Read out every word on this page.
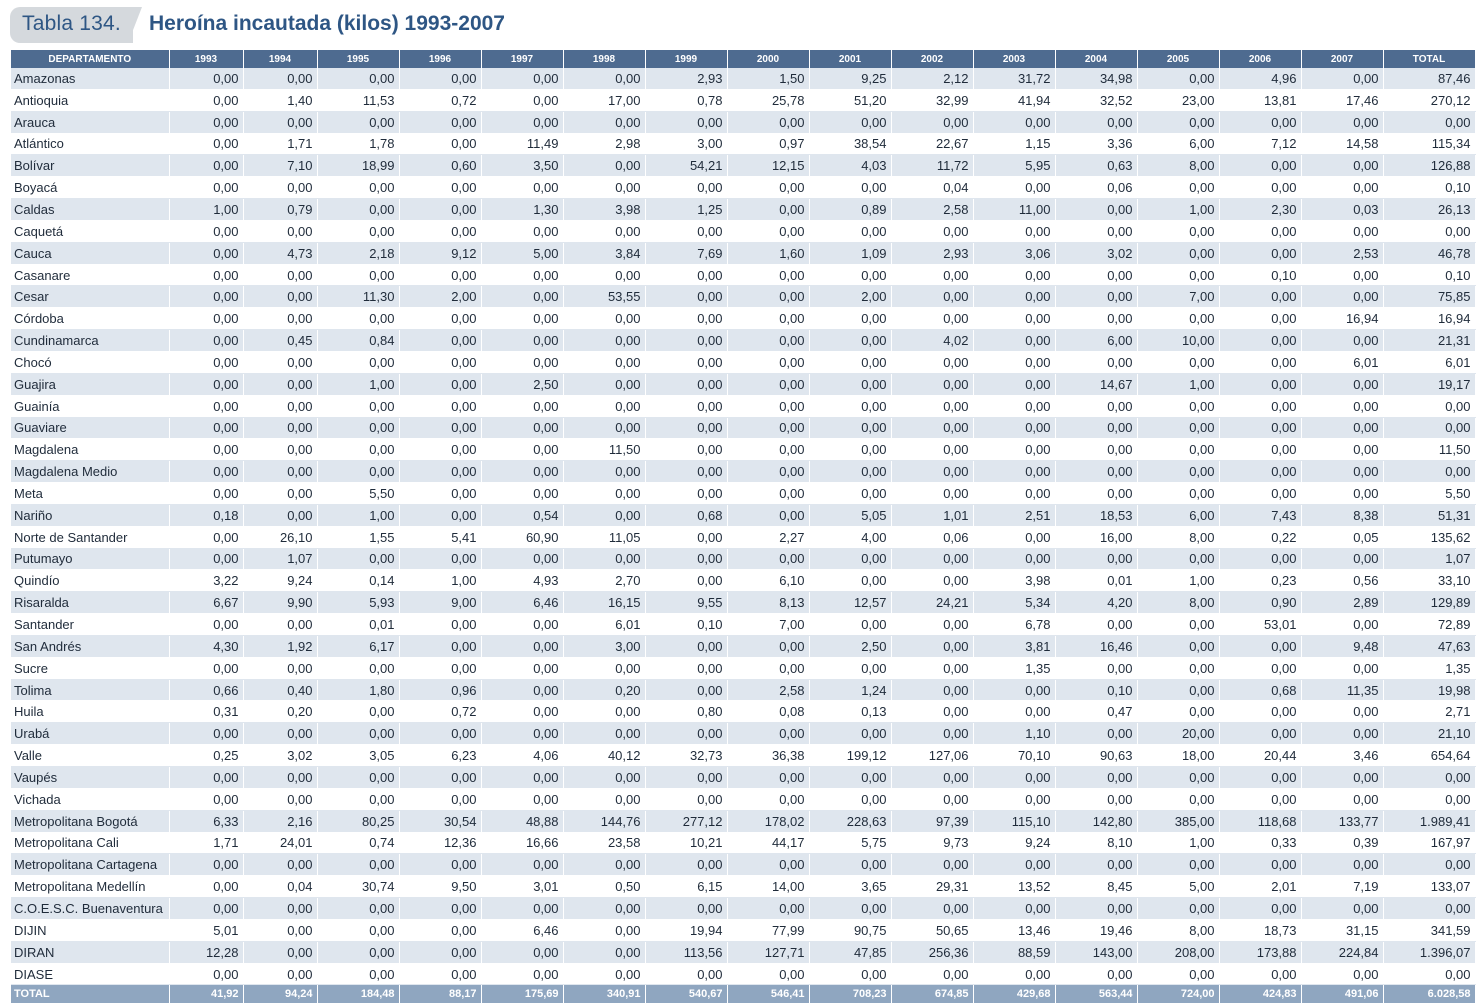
Tabla 134. Heroína incautada (kilos) 1993-2007
DEPARTAMENTO	1993	1994	1995	1996	1997	1998	1999	2000	2001	2002	2003	2004	2005	2006	2007	TOTAL
Amazonas	0,00	0,00	0,00	0,00	0,00	0,00	2,93	1,50	9,25	2,12	31,72	34,98	0,00	4,96	0,00	87,46
Antioquia	0,00	1,40	11,53	0,72	0,00	17,00	0,78	25,78	51,20	32,99	41,94	32,52	23,00	13,81	17,46	270,12
Arauca	0,00	0,00	0,00	0,00	0,00	0,00	0,00	0,00	0,00	0,00	0,00	0,00	0,00	0,00	0,00	0,00
Atlántico	0,00	1,71	1,78	0,00	11,49	2,98	3,00	0,97	38,54	22,67	1,15	3,36	6,00	7,12	14,58	115,34
Bolívar	0,00	7,10	18,99	0,60	3,50	0,00	54,21	12,15	4,03	11,72	5,95	0,63	8,00	0,00	0,00	126,88
Boyacá	0,00	0,00	0,00	0,00	0,00	0,00	0,00	0,00	0,00	0,04	0,00	0,06	0,00	0,00	0,00	0,10
Caldas	1,00	0,79	0,00	0,00	1,30	3,98	1,25	0,00	0,89	2,58	11,00	0,00	1,00	2,30	0,03	26,13
Caquetá	0,00	0,00	0,00	0,00	0,00	0,00	0,00	0,00	0,00	0,00	0,00	0,00	0,00	0,00	0,00	0,00
Cauca	0,00	4,73	2,18	9,12	5,00	3,84	7,69	1,60	1,09	2,93	3,06	3,02	0,00	0,00	2,53	46,78
Casanare	0,00	0,00	0,00	0,00	0,00	0,00	0,00	0,00	0,00	0,00	0,00	0,00	0,00	0,10	0,00	0,10
Cesar	0,00	0,00	11,30	2,00	0,00	53,55	0,00	0,00	2,00	0,00	0,00	0,00	7,00	0,00	0,00	75,85
Córdoba	0,00	0,00	0,00	0,00	0,00	0,00	0,00	0,00	0,00	0,00	0,00	0,00	0,00	0,00	16,94	16,94
Cundinamarca	0,00	0,45	0,84	0,00	0,00	0,00	0,00	0,00	0,00	4,02	0,00	6,00	10,00	0,00	0,00	21,31
Chocó	0,00	0,00	0,00	0,00	0,00	0,00	0,00	0,00	0,00	0,00	0,00	0,00	0,00	0,00	6,01	6,01
Guajira	0,00	0,00	1,00	0,00	2,50	0,00	0,00	0,00	0,00	0,00	0,00	14,67	1,00	0,00	0,00	19,17
Guainía	0,00	0,00	0,00	0,00	0,00	0,00	0,00	0,00	0,00	0,00	0,00	0,00	0,00	0,00	0,00	0,00
Guaviare	0,00	0,00	0,00	0,00	0,00	0,00	0,00	0,00	0,00	0,00	0,00	0,00	0,00	0,00	0,00	0,00
Magdalena	0,00	0,00	0,00	0,00	0,00	11,50	0,00	0,00	0,00	0,00	0,00	0,00	0,00	0,00	0,00	11,50
Magdalena Medio	0,00	0,00	0,00	0,00	0,00	0,00	0,00	0,00	0,00	0,00	0,00	0,00	0,00	0,00	0,00	0,00
Meta	0,00	0,00	5,50	0,00	0,00	0,00	0,00	0,00	0,00	0,00	0,00	0,00	0,00	0,00	0,00	5,50
Nariño	0,18	0,00	1,00	0,00	0,54	0,00	0,68	0,00	5,05	1,01	2,51	18,53	6,00	7,43	8,38	51,31
Norte de Santander	0,00	26,10	1,55	5,41	60,90	11,05	0,00	2,27	4,00	0,06	0,00	16,00	8,00	0,22	0,05	135,62
Putumayo	0,00	1,07	0,00	0,00	0,00	0,00	0,00	0,00	0,00	0,00	0,00	0,00	0,00	0,00	0,00	1,07
Quindío	3,22	9,24	0,14	1,00	4,93	2,70	0,00	6,10	0,00	0,00	3,98	0,01	1,00	0,23	0,56	33,10
Risaralda	6,67	9,90	5,93	9,00	6,46	16,15	9,55	8,13	12,57	24,21	5,34	4,20	8,00	0,90	2,89	129,89
Santander	0,00	0,00	0,01	0,00	0,00	6,01	0,10	7,00	0,00	0,00	6,78	0,00	0,00	53,01	0,00	72,89
San Andrés	4,30	1,92	6,17	0,00	0,00	3,00	0,00	0,00	2,50	0,00	3,81	16,46	0,00	0,00	9,48	47,63
Sucre	0,00	0,00	0,00	0,00	0,00	0,00	0,00	0,00	0,00	0,00	1,35	0,00	0,00	0,00	0,00	1,35
Tolima	0,66	0,40	1,80	0,96	0,00	0,20	0,00	2,58	1,24	0,00	0,00	0,10	0,00	0,68	11,35	19,98
Huila	0,31	0,20	0,00	0,72	0,00	0,00	0,80	0,08	0,13	0,00	0,00	0,47	0,00	0,00	0,00	2,71
Urabá	0,00	0,00	0,00	0,00	0,00	0,00	0,00	0,00	0,00	0,00	1,10	0,00	20,00	0,00	0,00	21,10
Valle	0,25	3,02	3,05	6,23	4,06	40,12	32,73	36,38	199,12	127,06	70,10	90,63	18,00	20,44	3,46	654,64
Vaupés	0,00	0,00	0,00	0,00	0,00	0,00	0,00	0,00	0,00	0,00	0,00	0,00	0,00	0,00	0,00	0,00
Vichada	0,00	0,00	0,00	0,00	0,00	0,00	0,00	0,00	0,00	0,00	0,00	0,00	0,00	0,00	0,00	0,00
Metropolitana Bogotá	6,33	2,16	80,25	30,54	48,88	144,76	277,12	178,02	228,63	97,39	115,10	142,80	385,00	118,68	133,77	1.989,41
Metropolitana Cali	1,71	24,01	0,74	12,36	16,66	23,58	10,21	44,17	5,75	9,73	9,24	8,10	1,00	0,33	0,39	167,97
Metropolitana Cartagena	0,00	0,00	0,00	0,00	0,00	0,00	0,00	0,00	0,00	0,00	0,00	0,00	0,00	0,00	0,00	0,00
Metropolitana Medellín	0,00	0,04	30,74	9,50	3,01	0,50	6,15	14,00	3,65	29,31	13,52	8,45	5,00	2,01	7,19	133,07
C.O.E.S.C. Buenaventura	0,00	0,00	0,00	0,00	0,00	0,00	0,00	0,00	0,00	0,00	0,00	0,00	0,00	0,00	0,00	0,00
DIJIN	5,01	0,00	0,00	0,00	6,46	0,00	19,94	77,99	90,75	50,65	13,46	19,46	8,00	18,73	31,15	341,59
DIRAN	12,28	0,00	0,00	0,00	0,00	0,00	113,56	127,71	47,85	256,36	88,59	143,00	208,00	173,88	224,84	1.396,07
DIASE	0,00	0,00	0,00	0,00	0,00	0,00	0,00	0,00	0,00	0,00	0,00	0,00	0,00	0,00	0,00	0,00
TOTAL	41,92	94,24	184,48	88,17	175,69	340,91	540,67	546,41	708,23	674,85	429,68	563,44	724,00	424,83	491,06	6.028,58
